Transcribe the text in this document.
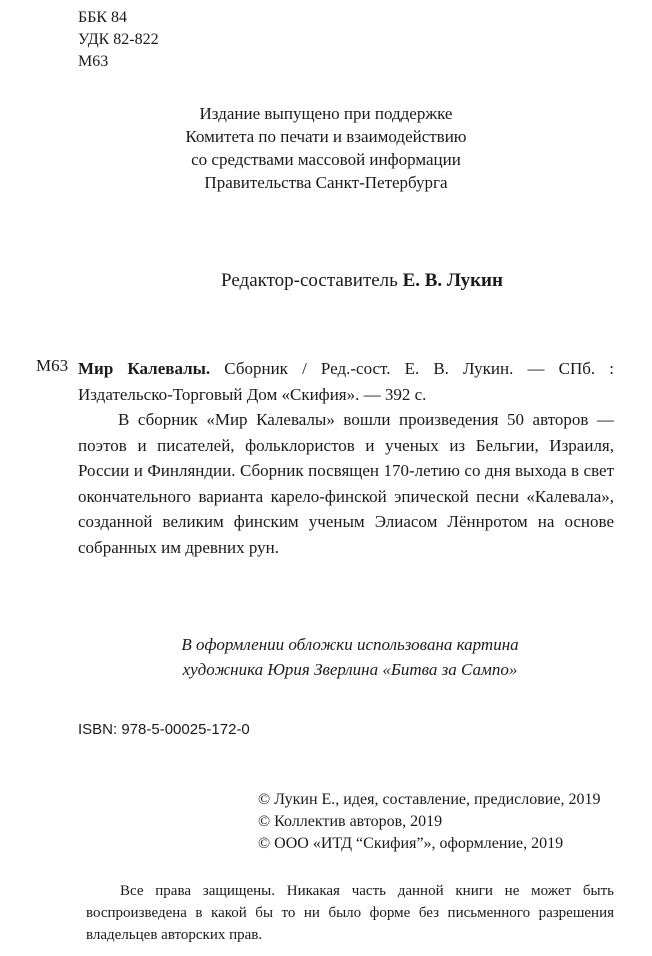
ББК 84
УДК 82-822
М63
Издание выпущено при поддержке
Комитета по печати и взаимодействию
со средствами массовой информации
Правительства Санкт-Петербурга
Редактор-составитель Е. В. Лукин
М63 Мир Калевалы. Сборник / Ред.-сост. Е. В. Лукин. — СПб. : Издательско-Торговый Дом «Скифия». — 392 с.

В сборник «Мир Калевалы» вошли произведения 50 авторов — поэтов и писателей, фольклористов и ученых из Бельгии, Израиля, России и Финляндии. Сборник посвящен 170-летию со дня выхода в свет окончательного варианта карело-финской эпической песни «Калевала», созданной великим финским ученым Элиасом Лённротом на основе собранных им древних рун.

В оформлении обложки использована картина
художника Юрия Зверлина «Битва за Сампо»
ISBN: 978-5-00025-172-0
© Лукин Е., идея, составление, предисловие, 2019
© Коллектив авторов, 2019
© ООО «ИТД “Скифия”», оформление, 2019

Все права защищены. Никакая часть данной книги не может быть воспроизведена в какой бы то ни было форме без письменного разрешения владельцев авторских прав.
